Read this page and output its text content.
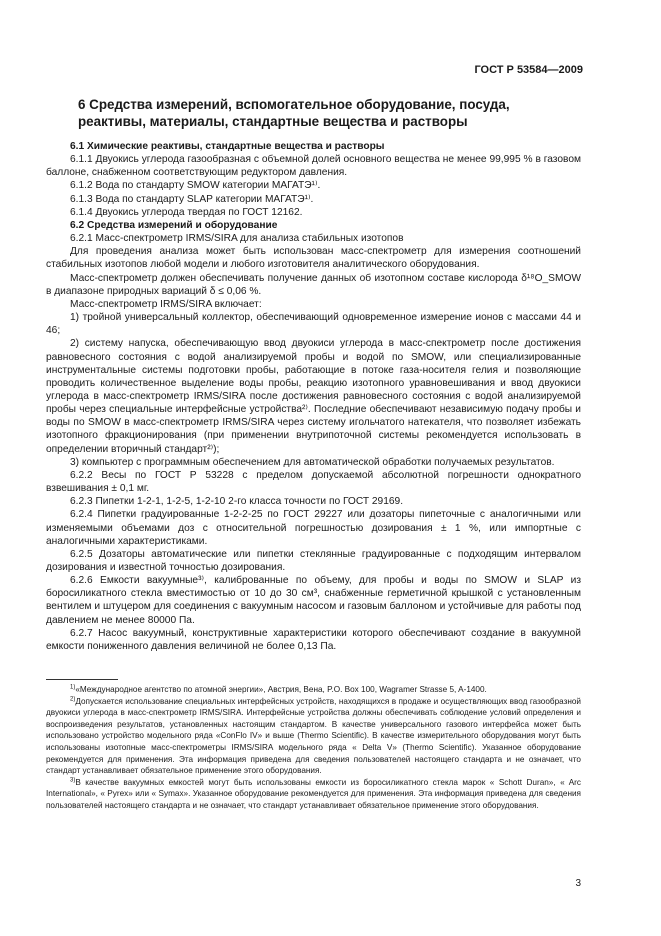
ГОСТ Р 53584—2009
6 Средства измерений, вспомогательное оборудование, посуда, реактивы, материалы, стандартные вещества и растворы

6.1 Химические реактивы, стандартные вещества и растворы

6.1.1 Двуокись углерода газообразная с объемной долей основного вещества не менее 99,995 % в газовом баллоне, снабженном соответствующим редуктором давления.

6.1.2 Вода по стандарту SMOW категории МАГАТЭ¹⁾.

6.1.3 Вода по стандарту SLAP категории МАГАТЭ¹⁾.

6.1.4 Двуокись углерода твердая по ГОСТ 12162.

6.2 Средства измерений и оборудование

6.2.1 Масс-спектрометр IRMS/SIRA для анализа стабильных изотопов

Для проведения анализа может быть использован масс-спектрометр для измерения соотношений стабильных изотопов любой модели и любого изготовителя аналитического оборудования.

Масс-спектрометр должен обеспечивать получение данных об изотопном составе кислорода δ¹⁸O_SMOW в диапазоне природных вариаций δ ≤ 0,06 %.

Масс-спектрометр IRMS/SIRA включает:

1) тройной универсальный коллектор, обеспечивающий одновременное измерение ионов с массами 44 и 46;

2) систему напуска, обеспечивающую ввод двуокиси углерода в масс-спектрометр после достижения равновесного состояния с водой анализируемой пробы и водой по SMOW, или специализированные инструментальные системы подготовки пробы, работающие в потоке газа-носителя гелия и позволяющие проводить количественное выделение воды пробы, реакцию изотопного уравновешивания и ввод двуокиси углерода в масс-спектрометр IRMS/SIRA после достижения равновесного состояния с водой анализируемой пробы через специальные интерфейсные устройства²⁾. Последние обеспечивают независимую подачу пробы и воды по SMOW в масс-спектрометр IRMS/SIRA через систему игольчатого натекателя, что позволяет избежать изотопного фракционирования (при применении внутрипоточной системы рекомендуется использовать в определении вторичный стандарт²⁾);

3) компьютер с программным обеспечением для автоматической обработки получаемых результатов.

6.2.2 Весы по ГОСТ Р 53228 с пределом допускаемой абсолютной погрешности однократного взвешивания ± 0,1 мг.

6.2.3 Пипетки 1-2-1, 1-2-5, 1-2-10 2-го класса точности по ГОСТ 29169.

6.2.4 Пипетки градуированные 1-2-2-25 по ГОСТ 29227 или дозаторы пипеточные с аналогичными или изменяемыми объемами доз с относительной погрешностью дозирования ± 1 %, или импортные с аналогичными характеристиками.

6.2.5 Дозаторы автоматические или пипетки стеклянные градуированные с подходящим интервалом дозирования и известной точностью дозирования.

6.2.6 Емкости вакуумные³⁾, калиброванные по объему, для пробы и воды по SMOW и SLAP из боросиликатного стекла вместимостью от 10 до 30 см³, снабженные герметичной крышкой с установленным вентилем и штуцером для соединения с вакуумным насосом и газовым баллоном и устойчивые для работы под давлением не менее 80000 Па.

6.2.7 Насос вакуумный, конструктивные характеристики которого обеспечивают создание в вакуумной емкости пониженного давления величиной не более 0,13 Па.

$^{1)}$«Международное агентство по атомной энергии», Австрия, Вена, P.O. Box 100, Wagramer Strasse 5, A-1400.

$^{2)}$Допускается использование специальных интерфейсных устройств, находящихся в продаже и осуществляющих ввод газообразной двуокиси углерода в масс-спектрометр IRMS/SIRA. Интерфейсные устройства должны обеспечивать соблюдение условий определения и воспроизведения результатов, установленных настоящим стандартом. В качестве универсального газового интерфейса может быть использовано устройство модельного ряда «ConFlo IV» и выше (Thermo Scientific). В качестве измерительного оборудования могут быть использованы изотопные масс-спектрометры IRMS/SIRA модельного ряда « Delta V» (Thermo Scientific). Указанное оборудование рекомендуется для применения. Эта информация приведена для сведения пользователей настоящего стандарта и не означает, что стандарт устанавливает обязательное применение этого оборудования.

$^{3)}$В качестве вакуумных емкостей могут быть использованы емкости из боросиликатного стекла марок « Schott Duran», « Arc International», « Pyrex» или « Symax». Указанное оборудование рекомендуется для применения. Эта информация приведена для сведения пользователей настоящего стандарта и не означает, что стандарт устанавливает обязательное применение этого оборудования.

3
